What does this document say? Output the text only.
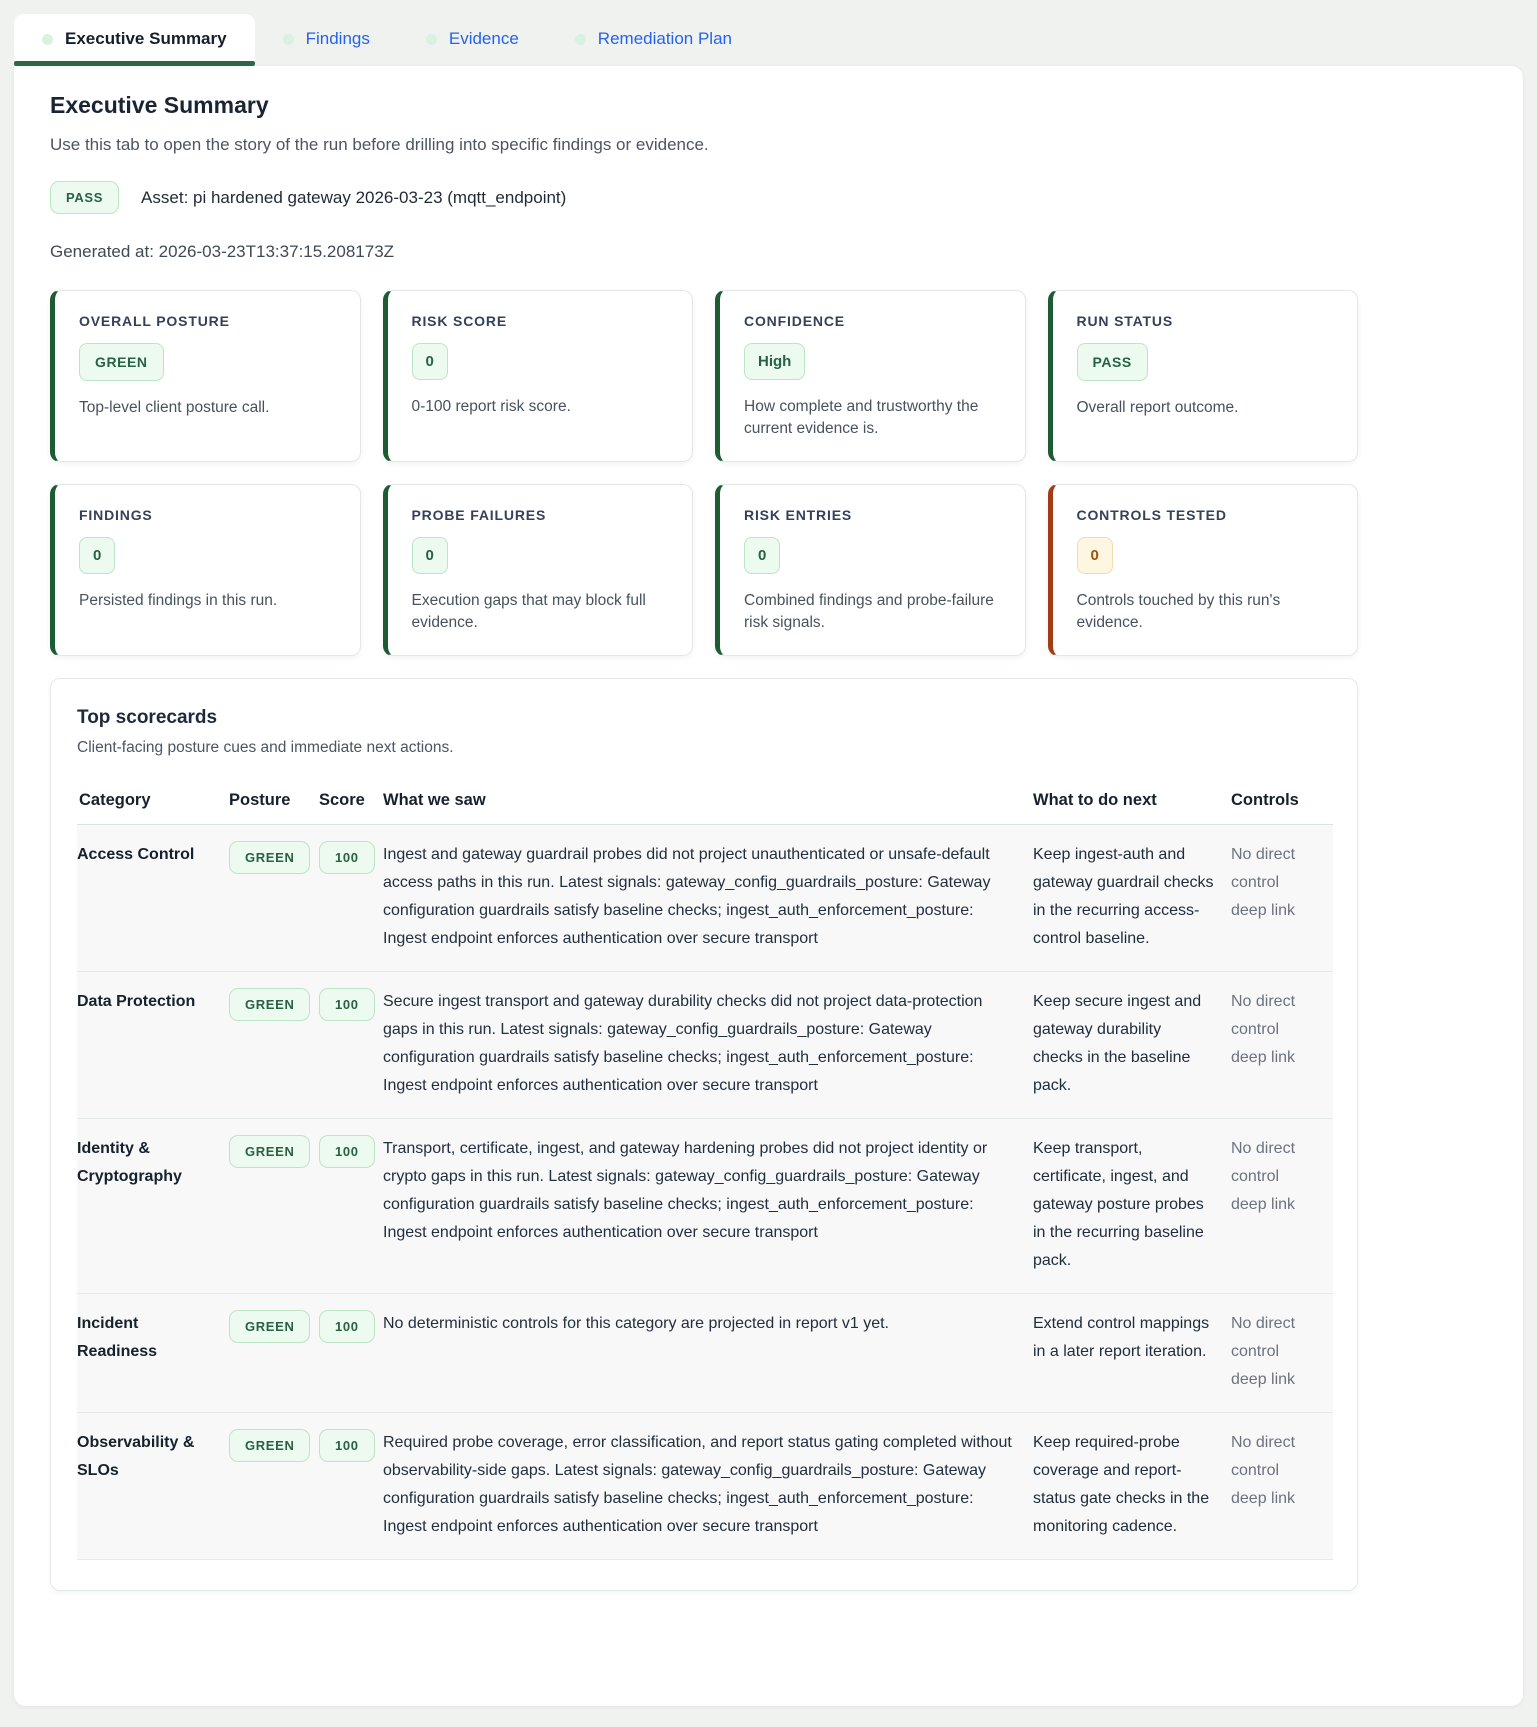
Executive Summary	Findings	Evidence	Remediation Plan
Executive Summary

Use this tab to open the story of the run before drilling into specific findings or evidence.

PASS	Asset: pi hardened gateway 2026-03-23 (mqtt_endpoint)

Generated at: 2026-03-23T13:37:15.208173Z

OVERALL POSTURE
GREEN
Top-level client posture call.
RISK SCORE
0
0-100 report risk score.
CONFIDENCE
High
How complete and trustworthy the current evidence is.
RUN STATUS
PASS
Overall report outcome.
FINDINGS
0
Persisted findings in this run.
PROBE FAILURES
0
Execution gaps that may block full evidence.
RISK ENTRIES
0
Combined findings and probe-failure risk signals.
CONTROLS TESTED
0
Controls touched by this run's evidence.
Top scorecards

Client-facing posture cues and immediate next actions.

Category	Posture	Score	What we saw	What to do next	Controls
Access Control	GREEN	100	Ingest and gateway guardrail probes did not project unauthenticated or unsafe-default access paths in this run. Latest signals: gateway_config_guardrails_posture: Gateway configuration guardrails satisfy baseline checks; ingest_auth_enforcement_posture: Ingest endpoint enforces authentication over secure transport	Keep ingest-auth and gateway guardrail checks in the recurring access-control baseline.	No direct control deep link
Data Protection	GREEN	100	Secure ingest transport and gateway durability checks did not project data-protection gaps in this run. Latest signals: gateway_config_guardrails_posture: Gateway configuration guardrails satisfy baseline checks; ingest_auth_enforcement_posture: Ingest endpoint enforces authentication over secure transport	Keep secure ingest and gateway durability checks in the baseline pack.	No direct control deep link
Identity & Cryptography	GREEN	100	Transport, certificate, ingest, and gateway hardening probes did not project identity or crypto gaps in this run. Latest signals: gateway_config_guardrails_posture: Gateway configuration guardrails satisfy baseline checks; ingest_auth_enforcement_posture: Ingest endpoint enforces authentication over secure transport	Keep transport, certificate, ingest, and gateway posture probes in the recurring baseline pack.	No direct control deep link
Incident Readiness	GREEN	100	No deterministic controls for this category are projected in report v1 yet.	Extend control mappings in a later report iteration.	No direct control deep link
Observability & SLOs	GREEN	100	Required probe coverage, error classification, and report status gating completed without observability-side gaps. Latest signals: gateway_config_guardrails_posture: Gateway configuration guardrails satisfy baseline checks; ingest_auth_enforcement_posture: Ingest endpoint enforces authentication over secure transport	Keep required-probe coverage and report-status gate checks in the monitoring cadence.	No direct control deep link
